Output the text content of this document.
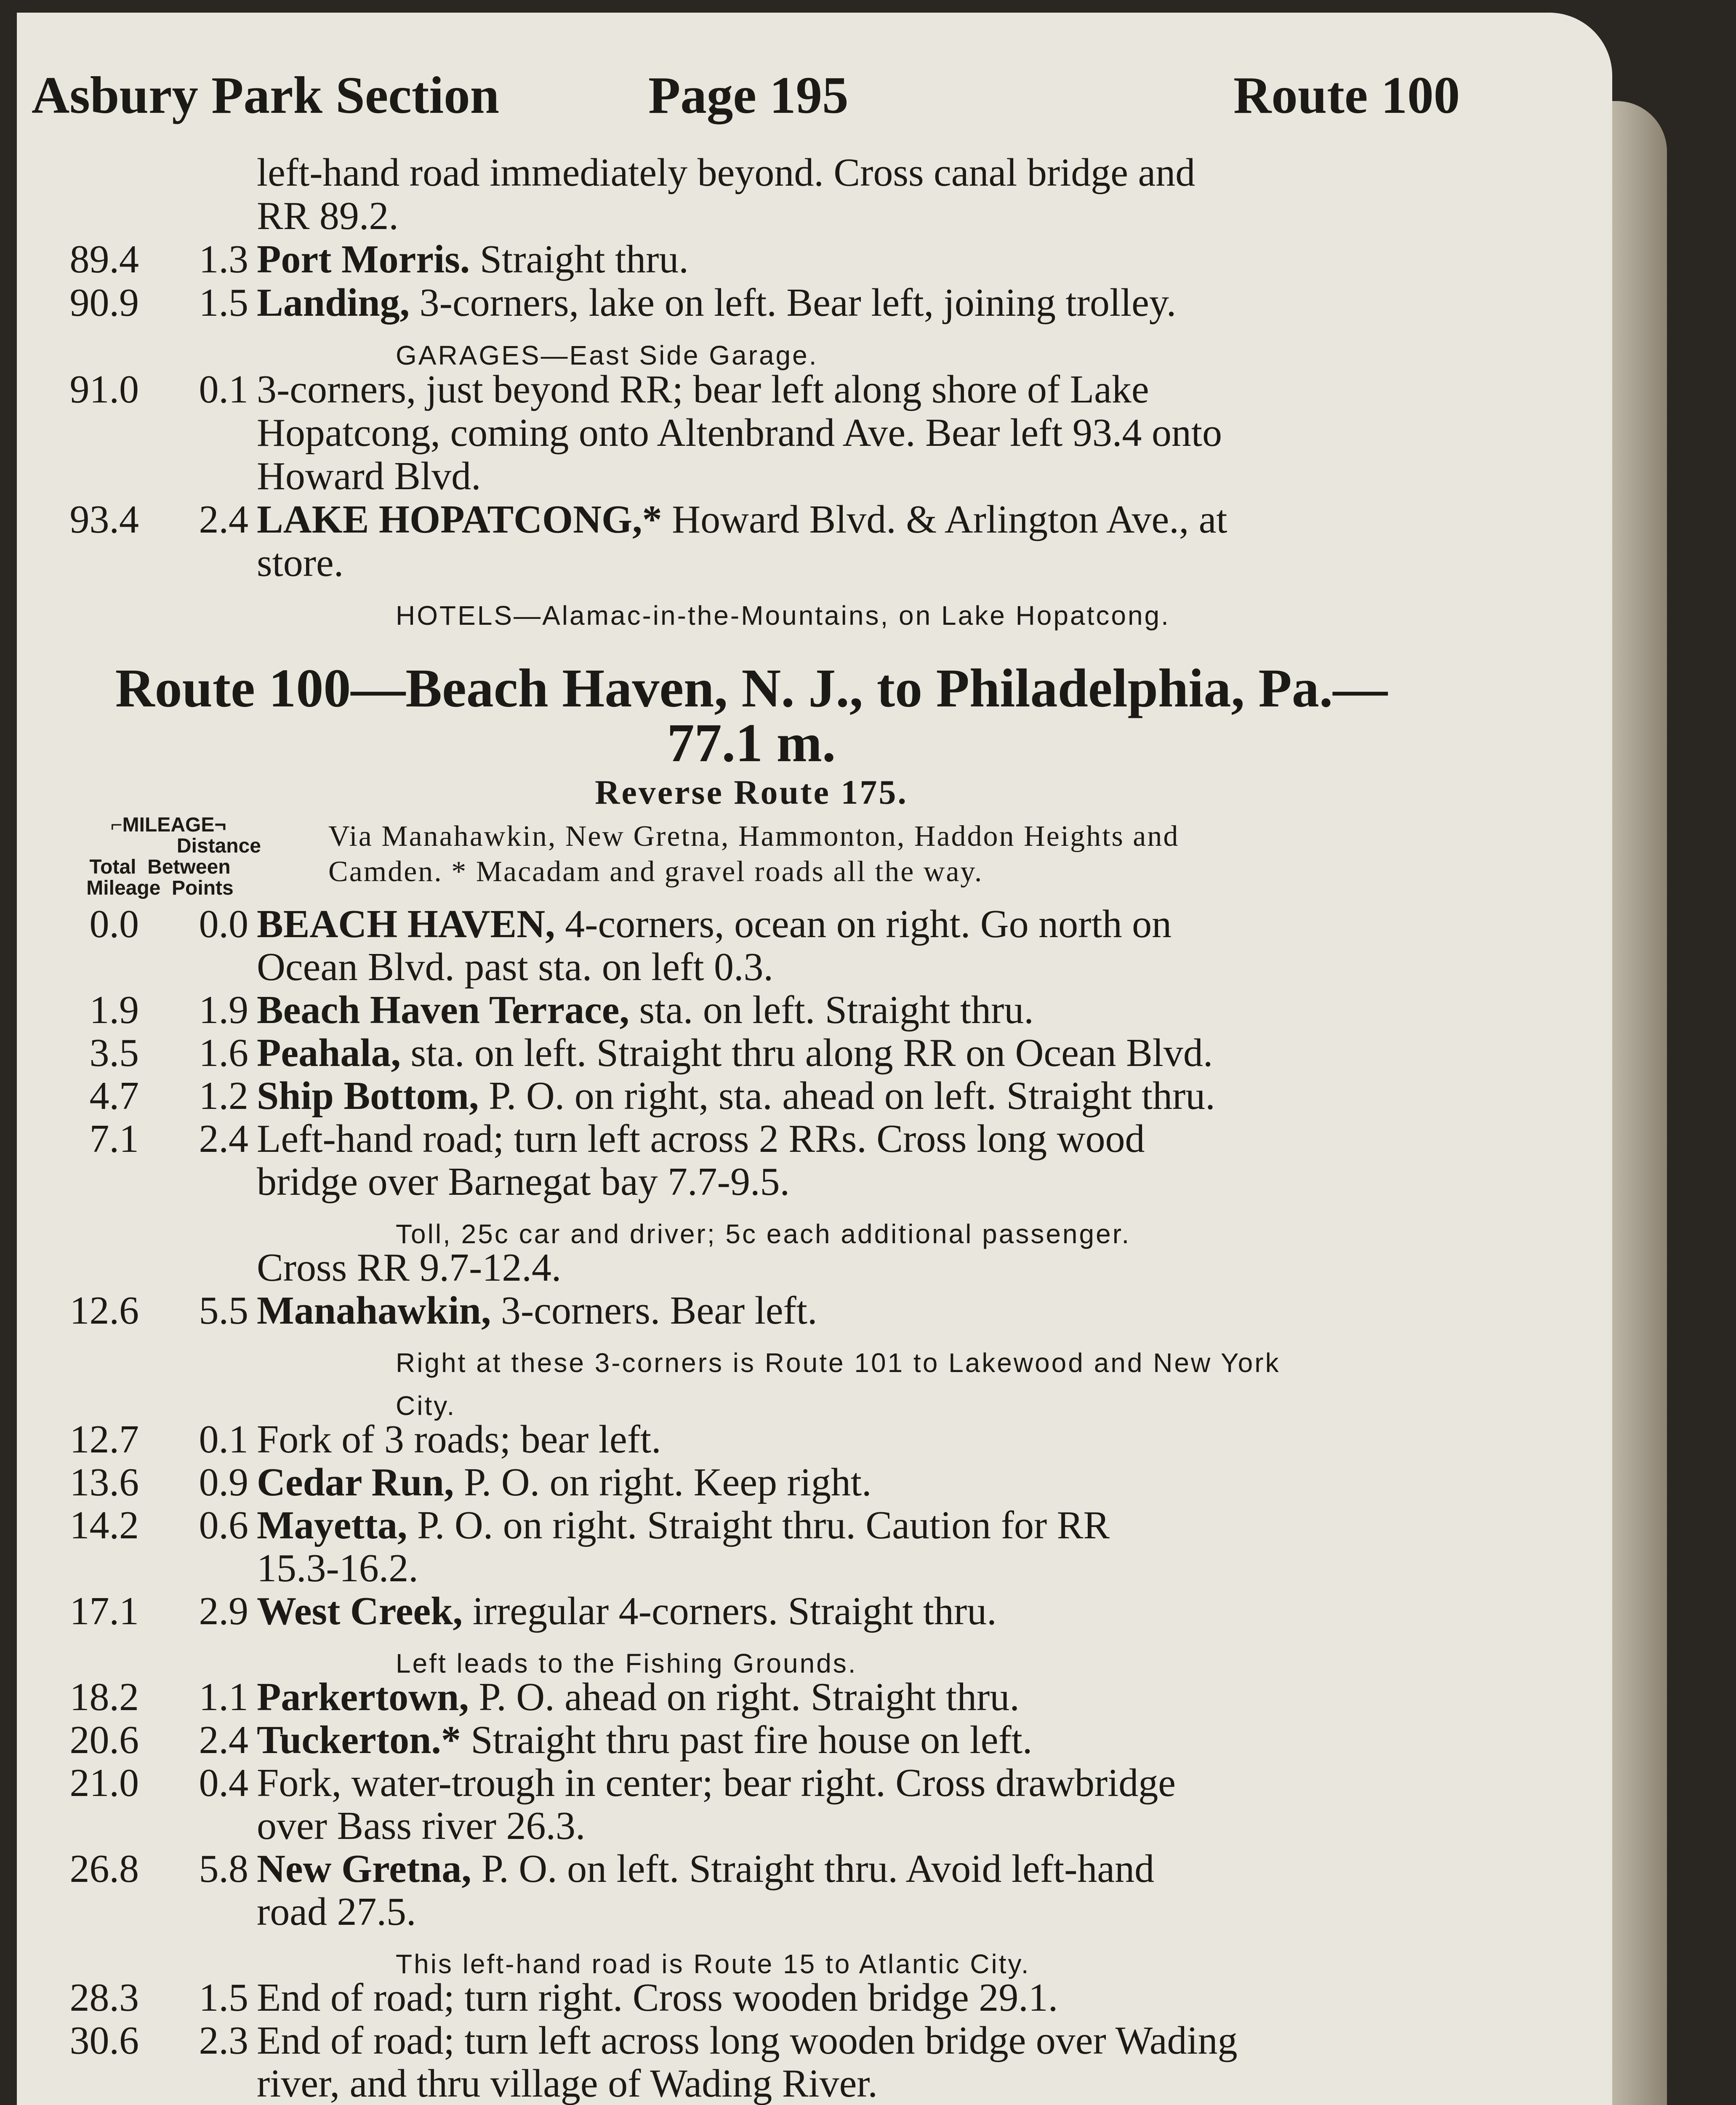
Asbury Park Section	Page 195	Route 100
left-hand road immediately beyond. Cross canal bridge and
RR 89.2.
89.4	1.3 Port Morris. Straight thru.
90.9	1.5 Landing, 3-corners, lake on left. Bear left, joining trolley.
GARAGES—East Side Garage.
91.0	0.1 3-corners, just beyond RR; bear left along shore of Lake
Hopatcong, coming onto Altenbrand Ave. Bear left 93.4 onto
Howard Blvd.
93.4	2.4 LAKE HOPATCONG,* Howard Blvd. & Arlington Ave., at
store.
HOTELS—Alamac-in-the-Mountains, on Lake Hopatcong.
Route 100—Beach Haven, N. J., to Philadelphia, Pa.—
77.1 m.
Reverse Route 175.
⌐MILEAGE¬
Distance
Total Between
Mileage Points
Via Manahawkin, New Gretna, Hammonton, Haddon Heights and
Camden. * Macadam and gravel roads all the way.
0.0	0.0 BEACH HAVEN, 4-corners, ocean on right. Go north on
Ocean Blvd. past sta. on left 0.3.
1.9	1.9 Beach Haven Terrace, sta. on left. Straight thru.
3.5	1.6 Peahala, sta. on left. Straight thru along RR on Ocean Blvd.
4.7	1.2 Ship Bottom, P. O. on right, sta. ahead on left. Straight thru.
7.1	2.4 Left-hand road; turn left across 2 RRs. Cross long wood
bridge over Barnegat bay 7.7-9.5.
Toll, 25c car and driver; 5c each additional passenger.
Cross RR 9.7-12.4.
12.6	5.5 Manahawkin, 3-corners. Bear left.
Right at these 3-corners is Route 101 to Lakewood and New York
City.
12.7	0.1 Fork of 3 roads; bear left.
13.6	0.9 Cedar Run, P. O. on right. Keep right.
14.2	0.6 Mayetta, P. O. on right. Straight thru. Caution for RR
15.3-16.2.
17.1	2.9 West Creek, irregular 4-corners. Straight thru.
Left leads to the Fishing Grounds.
18.2	1.1 Parkertown, P. O. ahead on right. Straight thru.
20.6	2.4 Tuckerton.* Straight thru past fire house on left.
21.0	0.4 Fork, water-trough in center; bear right. Cross drawbridge
over Bass river 26.3.
26.8	5.8 New Gretna, P. O. on left. Straight thru. Avoid left-hand
road 27.5.
This left-hand road is Route 15 to Atlantic City.
28.3	1.5 End of road; turn right. Cross wooden bridge 29.1.
30.6	2.3 End of road; turn left across long wooden bridge over Wading
river, and thru village of Wading River.
